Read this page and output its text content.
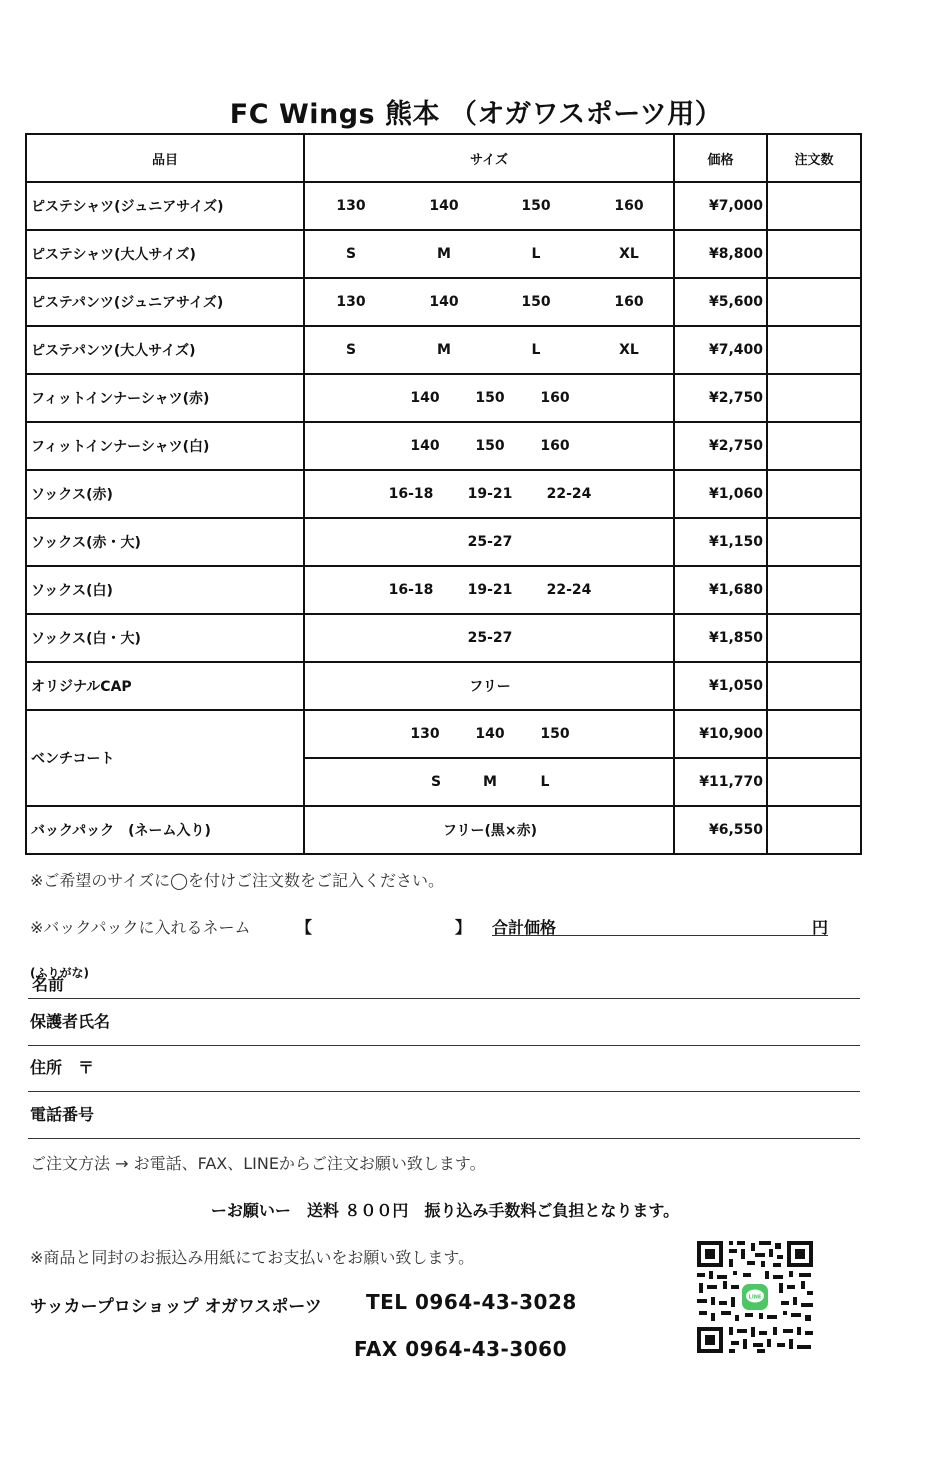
FC Wings 熊本 （オガワスポーツ用）
品目	サイズ	価格	注文数
ピステシャツ(ジュニアサイズ)	130 140 150 160	¥7,000	
ピステシャツ(大人サイズ)	S M L XL	¥8,800	
ピステパンツ(ジュニアサイズ)	130 140 150 160	¥5,600	
ピステパンツ(大人サイズ)	S M L XL	¥7,400	
フィットインナーシャツ(赤)	140 150 160	¥2,750	
フィットインナーシャツ(白)	140 150 160	¥2,750	
ソックス(赤)	16-18 19-21 22-24	¥1,060	
ソックス(赤・大)	25-27	¥1,150	
ソックス(白)	16-18 19-21 22-24	¥1,680	
ソックス(白・大)	25-27	¥1,850	
オリジナルCAP	フリー	¥1,050	
ベンチコート	130 140 150	¥10,900	

	S M L	¥11,770	
バックパック　(ネーム入り)	フリー(黒×赤)	¥6,550	
※ご希望のサイズに◯を付けご注文数をご記入ください。
※バックパックに入れるネーム	【	】 合計価格	円
名前
(ふりがな)
保護者氏名
住所　〒
電話番号
ご注文方法 → お電話、FAX、LINEからご注文お願い致します。
ーお願いー　送料 ８００円　振り込み手数料ご負担となります。
※商品と同封のお振込み用紙にてお支払いをお願い致します。
サッカープロショップ オガワスポーツ TEL 0964-43-3028
FAX 0964-43-3060
LINE
